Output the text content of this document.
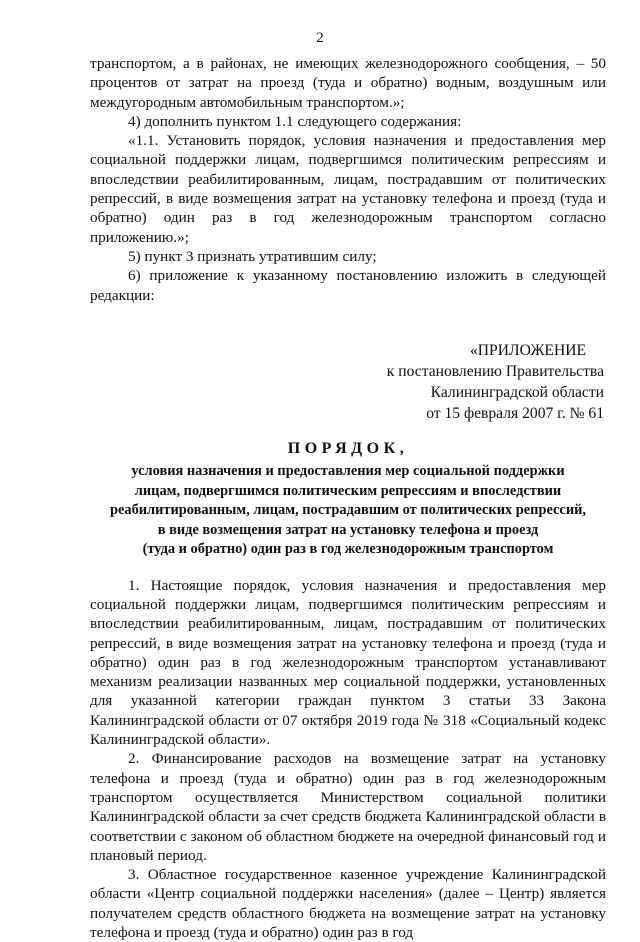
2

транспортом, а в районах, не имеющих железнодорожного сообщения, – 50 процентов от затрат на проезд (туда и обратно) водным, воздушным или междугородным автомобильным транспортом.»;

4) дополнить пунктом 1.1 следующего содержания:

«1.1. Установить порядок, условия назначения и предоставления мер социальной поддержки лицам, подвергшимся политическим репрессиям и впоследствии реабилитированным, лицам, пострадавшим от политических репрессий, в виде возмещения затрат на установку телефона и проезд (туда и обратно) один раз в год железнодорожным транспортом согласно приложению.»;

5) пункт 3 признать утратившим силу;

6) приложение к указанному постановлению изложить в следующей редакции:

«ПРИЛОЖЕНИЕ
к постановлению Правительства
Калининградской области
от 15 февраля 2007 г. № 61
ПОРЯДОК,
условия назначения и предоставления мер социальной поддержки
лицам, подвергшимся политическим репрессиям и впоследствии
реабилитированным, лицам, пострадавшим от политических репрессий,
в виде возмещения затрат на установку телефона и проезд
(туда и обратно) один раз в год железнодорожным транспортом

1. Настоящие порядок, условия назначения и предоставления мер социальной поддержки лицам, подвергшимся политическим репрессиям и впоследствии реабилитированным, лицам, пострадавшим от политических репрессий, в виде возмещения затрат на установку телефона и проезд (туда и обратно) один раз в год железнодорожным транспортом устанавливают механизм реализации названных мер социальной поддержки, установленных для указанной категории граждан пунктом 3 статьи 33 Закона Калининградской области от 07 октября 2019 года № 318 «Социальный кодекс Калининградской области».

2. Финансирование расходов на возмещение затрат на установку телефона и проезд (туда и обратно) один раз в год железнодорожным транспортом осуществляется Министерством социальной политики Калининградской области за счет средств бюджета Калининградской области в соответствии с законом об областном бюджете на очередной финансовый год и плановый период.

3. Областное государственное казенное учреждение Калининградской области «Центр социальной поддержки населения» (далее – Центр) является получателем средств областного бюджета на возмещение затрат на установку телефона и проезд (туда и обратно) один раз в год
